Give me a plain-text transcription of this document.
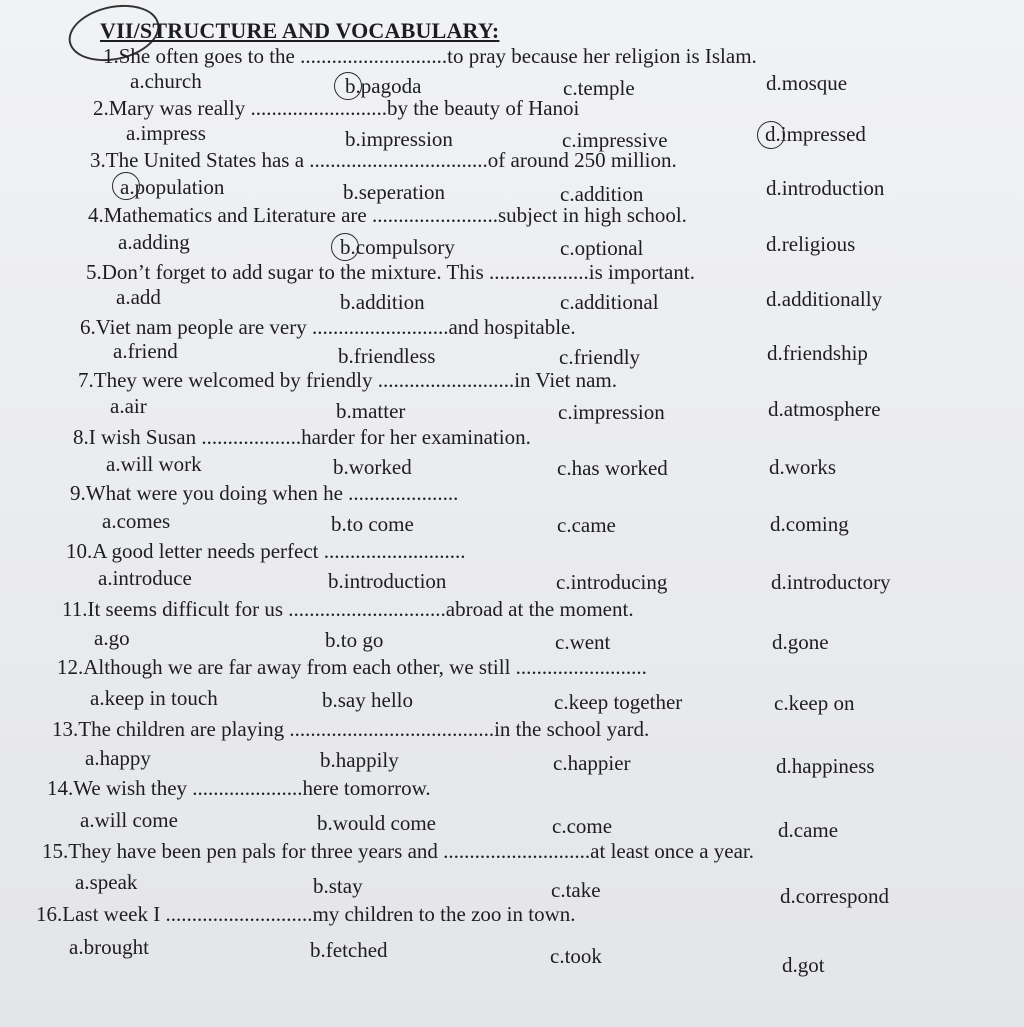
VII/STRUCTURE AND VOCABULARY:
1.She often goes to the ............................to pray because her religion is Islam.
a.church	b.pagoda	c.temple	d.mosque
2.Mary was really ..........................by the beauty of Hanoi
a.impress	b.impression	c.impressive	d.impressed
3.The United States has a ..................................of around 250 million.
a.population	b.seperation	c.addition	d.introduction
4.Mathematics and Literature are ........................subject in high school.
a.adding	b.compulsory	c.optional	d.religious
5.Don’t forget to add sugar to the mixture. This ...................is important.
a.add	b.addition	c.additional	d.additionally
6.Viet nam people are very ..........................and hospitable.
a.friend	b.friendless	c.friendly	d.friendship
7.They were welcomed by friendly ..........................in Viet nam.
a.air	b.matter	c.impression	d.atmosphere
8.I wish Susan ...................harder for her examination.
a.will work	b.worked	c.has worked	d.works
9.What were you doing when he .....................
a.comes	b.to come	c.came	d.coming
10.A good letter needs perfect ...........................
a.introduce	b.introduction	c.introducing	d.introductory
11.It seems difficult for us ..............................abroad at the moment.
a.go	b.to go	c.went	d.gone
12.Although we are far away from each other, we still .........................
a.keep in touch	b.say hello	c.keep together	c.keep on
13.The children are playing .......................................in the school yard.
a.happy	b.happily	c.happier	d.happiness
14.We wish they .....................here tomorrow.
a.will come	b.would come	c.come	d.came
15.They have been pen pals for three years and ............................at least once a year.
a.speak	b.stay	c.take	d.correspond
16.Last week I ............................my children to the zoo in town.
a.brought	b.fetched	c.took	d.got
